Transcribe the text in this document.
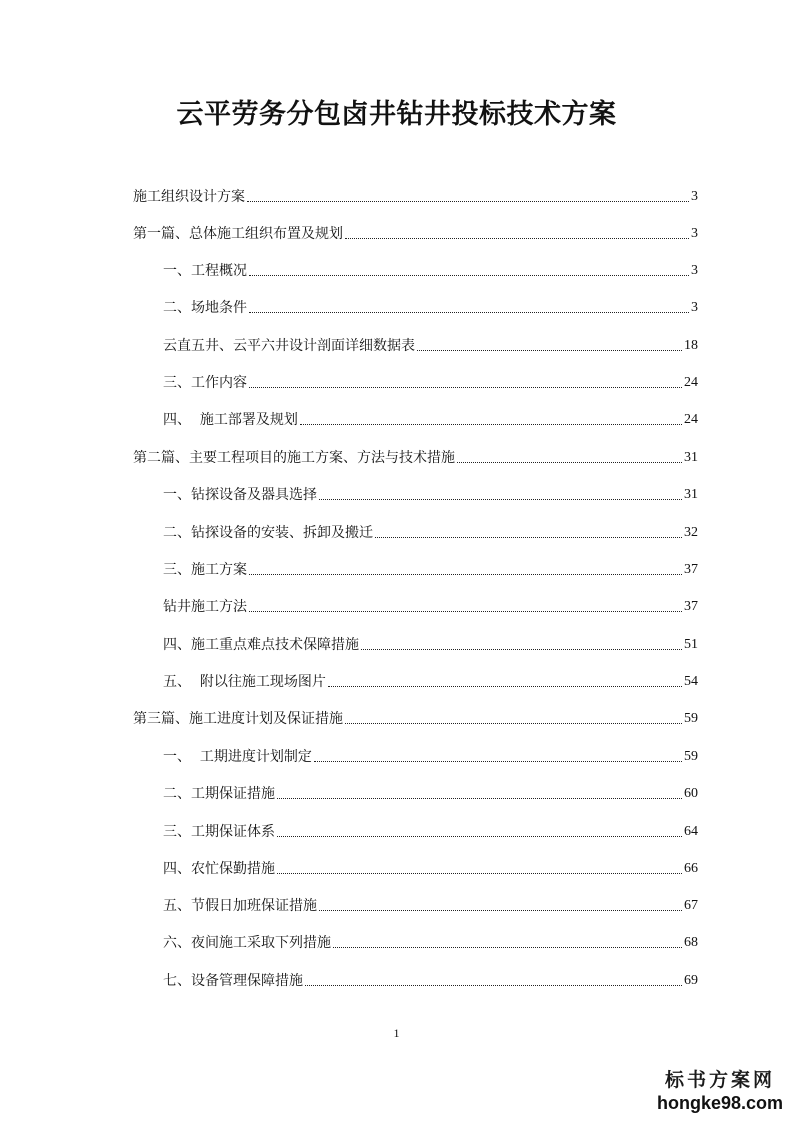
云平劳务分包卤井钻井投标技术方案
施工组织设计方案	3
第一篇、总体施工组织布置及规划	3
一、工程概况	3
二、场地条件	3
云直五井、云平六井设计剖面详细数据表	18
三、工作内容	24
四、  施工部署及规划	24
第二篇、主要工程项目的施工方案、方法与技术措施	31
一、钻探设备及器具选择	31
二、钻探设备的安装、拆卸及搬迁	32
三、施工方案	37
钻井施工方法	37
四、施工重点难点技术保障措施	51
五、  附以往施工现场图片	54
第三篇、施工进度计划及保证措施	59
一、  工期进度计划制定	59
二、工期保证措施	60
三、工期保证体系	64
四、农忙保勤措施	66
五、节假日加班保证措施	67
六、夜间施工采取下列措施	68
七、设备管理保障措施	69
1
标书方案网
hongke98.com
